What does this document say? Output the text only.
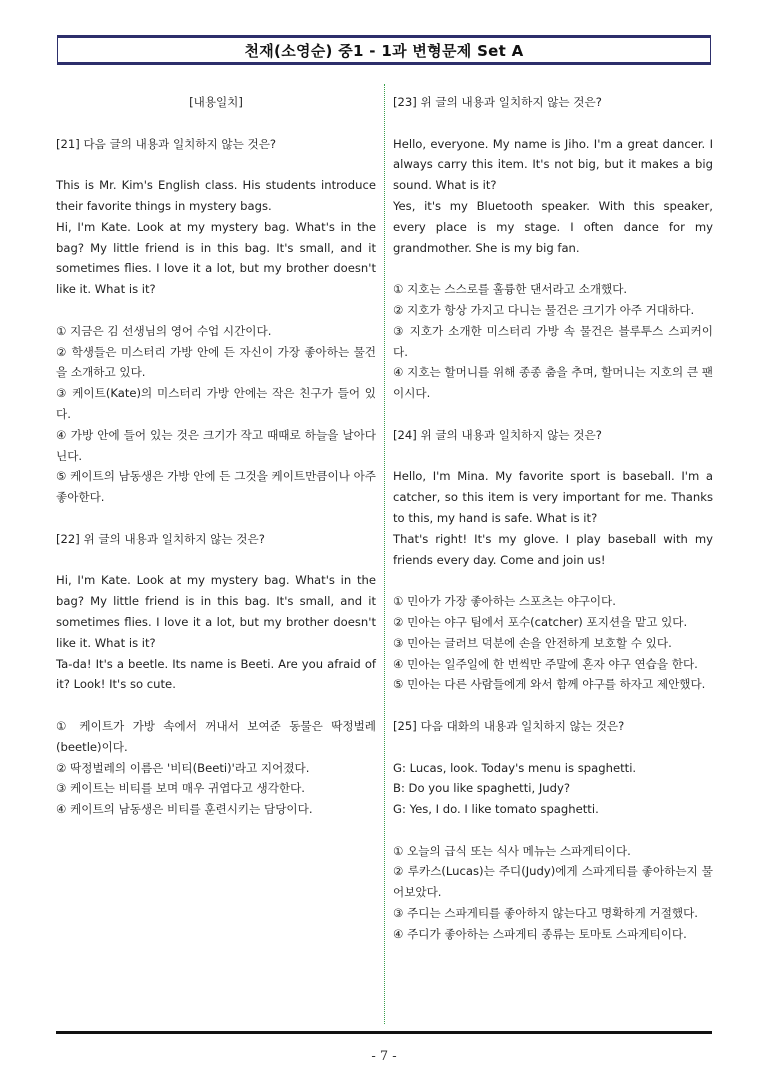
천재(소영순) 중1 - 1과 변형문제 Set A

[내용일치]

[21] 다음 글의 내용과 일치하지 않는 것은?

This is Mr. Kim's English class. His students introduce their favorite things in mystery bags.
Hi, I'm Kate. Look at my mystery bag. What's in the bag? My little friend is in this bag. It's small, and it sometimes flies. I love it a lot, but my brother doesn't like it. What is it?

① 지금은 김 선생님의 영어 수업 시간이다.

② 학생들은 미스터리 가방 안에 든 자신이 가장 좋아하는 물건을 소개하고 있다.

③ 케이트(Kate)의 미스터리 가방 안에는 작은 친구가 들어 있다.

④ 가방 안에 들어 있는 것은 크기가 작고 때때로 하늘을 날아다닌다.

⑤ 케이트의 남동생은 가방 안에 든 그것을 케이트만큼이나 아주 좋아한다.

[22] 위 글의 내용과 일치하지 않는 것은?

Hi, I'm Kate. Look at my mystery bag. What's in the bag? My little friend is in this bag. It's small, and it sometimes flies. I love it a lot, but my brother doesn't like it. What is it?
Ta-da! It's a beetle. Its name is Beeti. Are you afraid of it? Look! It's so cute.

① 케이트가 가방 속에서 꺼내서 보여준 동물은 딱정벌레(beetle)이다.

② 딱정벌레의 이름은 '비티(Beeti)'라고 지어졌다.

③ 케이트는 비티를 보며 매우 귀엽다고 생각한다.

④ 케이트의 남동생은 비티를 훈련시키는 담당이다.

[23] 위 글의 내용과 일치하지 않는 것은?

Hello, everyone. My name is Jiho. I'm a great dancer. I always carry this item. It's not big, but it makes a big sound. What is it?
Yes, it's my Bluetooth speaker. With this speaker, every place is my stage. I often dance for my grandmother. She is my big fan.

① 지호는 스스로를 훌륭한 댄서라고 소개했다.

② 지호가 항상 가지고 다니는 물건은 크기가 아주 거대하다.

③ 지호가 소개한 미스터리 가방 속 물건은 블루투스 스피커이다.

④ 지호는 할머니를 위해 종종 춤을 추며, 할머니는 지호의 큰 팬이시다.

[24] 위 글의 내용과 일치하지 않는 것은?

Hello, I'm Mina. My favorite sport is baseball. I'm a catcher, so this item is very important for me. Thanks to this, my hand is safe. What is it?
That's right! It's my glove. I play baseball with my friends every day. Come and join us!

① 민아가 가장 좋아하는 스포츠는 야구이다.

② 민아는 야구 팀에서 포수(catcher) 포지션을 맡고 있다.

③ 민아는 글러브 덕분에 손을 안전하게 보호할 수 있다.

④ 민아는 일주일에 한 번씩만 주말에 혼자 야구 연습을 한다.

⑤ 민아는 다른 사람들에게 와서 함께 야구를 하자고 제안했다.

[25] 다음 대화의 내용과 일치하지 않는 것은?

G: Lucas, look. Today's menu is spaghetti.

B: Do you like spaghetti, Judy?

G: Yes, I do. I like tomato spaghetti.

① 오늘의 급식 또는 식사 메뉴는 스파게티이다.

② 루카스(Lucas)는 주디(Judy)에게 스파게티를 좋아하는지 물어보았다.

③ 주디는 스파게티를 좋아하지 않는다고 명확하게 거절했다.

④ 주디가 좋아하는 스파게티 종류는 토마토 스파게티이다.

- 7 -
